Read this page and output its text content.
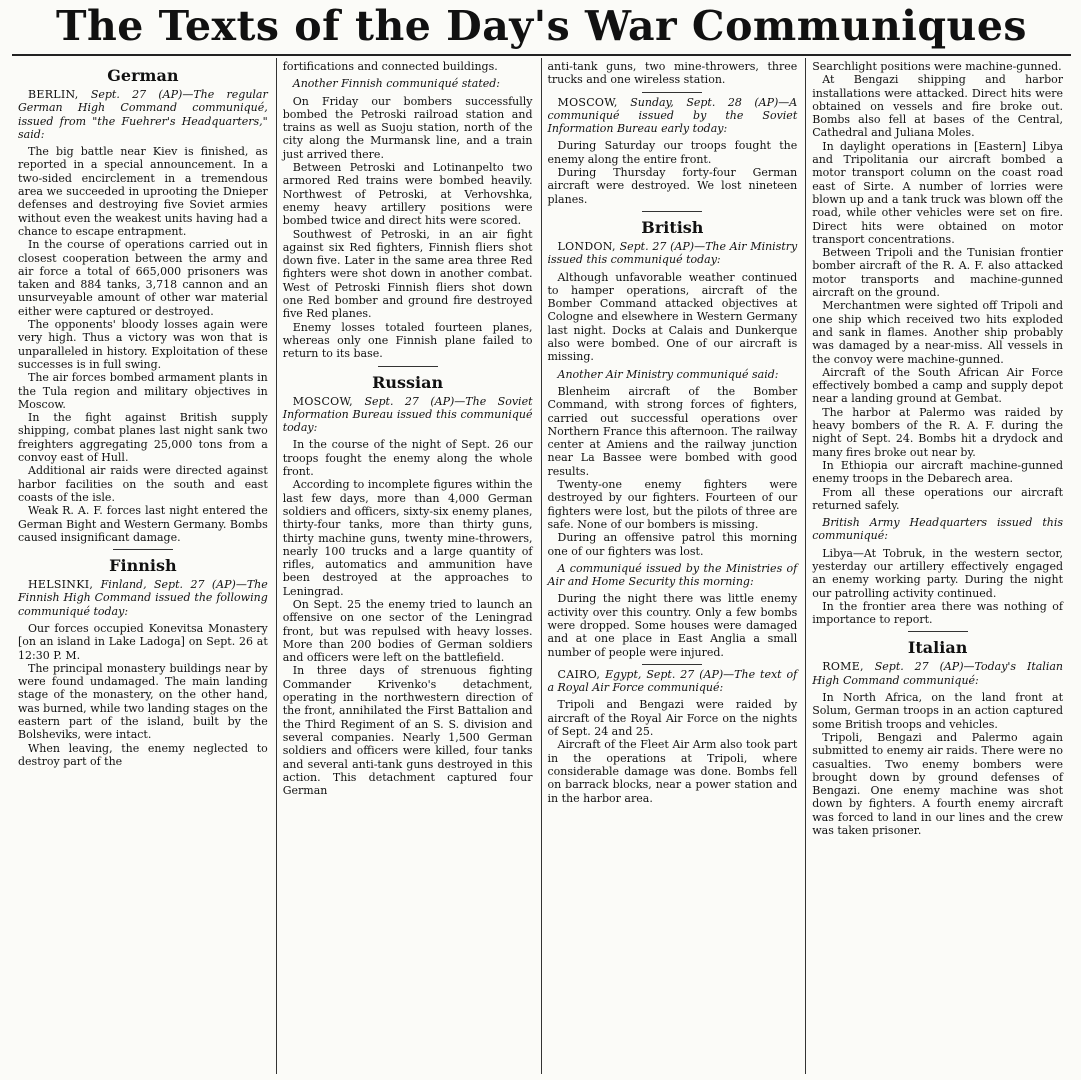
The Texts of the Day's War Communiques
German

BERLIN, Sept. 27 (AP)—The regular German High Command communiqué, issued from "the Fuehrer's Headquarters," said:

The big battle near Kiev is finished, as reported in a special announcement. In a two-sided encirclement in a tremendous area we succeeded in uprooting the Dnieper defenses and destroying five Soviet armies without even the weakest units having had a chance to escape entrapment.

In the course of operations carried out in closest cooperation between the army and air force a total of 665,000 prisoners was taken and 884 tanks, 3,718 cannon and an unsurveyable amount of other war material either were captured or destroyed.

The opponents' bloody losses again were very high. Thus a victory was won that is unparalleled in history. Exploitation of these successes is in full swing.

The air forces bombed armament plants in the Tula region and military objectives in Moscow.

In the fight against British supply shipping, combat planes last night sank two freighters aggregating 25,000 tons from a convoy east of Hull.

Additional air raids were directed against harbor facilities on the south and east coasts of the isle.

Weak R. A. F. forces last night entered the German Bight and Western Germany. Bombs caused insignificant damage.

Finnish

HELSINKI, Finland, Sept. 27 (AP)—The Finnish High Command issued the following communiqué today:

Our forces occupied Konevitsa Monastery [on an island in Lake Ladoga] on Sept. 26 at 12:30 P. M.

The principal monastery buildings near by were found undamaged. The main landing stage of the monastery, on the other hand, was burned, while two landing stages on the eastern part of the island, built by the Bolsheviks, were intact.

When leaving, the enemy neglected to destroy part of the

fortifications and connected buildings.

Another Finnish communiqué stated:

On Friday our bombers successfully bombed the Petroski railroad station and trains as well as Suoju station, north of the city along the Murmansk line, and a train just arrived there.

Between Petroski and Lotinanpelto two armored Red trains were bombed heavily. Northwest of Petroski, at Verhovshka, enemy heavy artillery positions were bombed twice and direct hits were scored.

Southwest of Petroski, in an air fight against six Red fighters, Finnish fliers shot down five. Later in the same area three Red fighters were shot down in another combat. West of Petroski Finnish fliers shot down one Red bomber and ground fire destroyed five Red planes.

Enemy losses totaled fourteen planes, whereas only one Finnish plane failed to return to its base.

Russian

MOSCOW, Sept. 27 (AP)—The Soviet Information Bureau issued this communiqué today:

In the course of the night of Sept. 26 our troops fought the enemy along the whole front.

According to incomplete figures within the last few days, more than 4,000 German soldiers and officers, sixty-six enemy planes, thirty-four tanks, more than thirty guns, thirty machine guns, twenty mine-throwers, nearly 100 trucks and a large quantity of rifles, automatics and ammunition have been destroyed at the approaches to Leningrad.

On Sept. 25 the enemy tried to launch an offensive on one sector of the Leningrad front, but was repulsed with heavy losses. More than 200 bodies of German soldiers and officers were left on the battlefield.

In three days of strenuous fighting Commander Krivenko's detachment, operating in the northwestern direction of the front, annihilated the First Battalion and the Third Regiment of an S. S. division and several companies. Nearly 1,500 German soldiers and officers were killed, four tanks and several anti-tank guns destroyed in this action. This detachment captured four German

anti-tank guns, two mine-throwers, three trucks and one wireless station.

MOSCOW, Sunday, Sept. 28 (AP)—A communiqué issued by the Soviet Information Bureau early today:

During Saturday our troops fought the enemy along the entire front.

During Thursday forty-four German aircraft were destroyed. We lost nineteen planes.

British

LONDON, Sept. 27 (AP)—The Air Ministry issued this communiqué today:

Although unfavorable weather continued to hamper operations, aircraft of the Bomber Command attacked objectives at Cologne and elsewhere in Western Germany last night. Docks at Calais and Dunkerque also were bombed. One of our aircraft is missing.

Another Air Ministry communiqué said:

Blenheim aircraft of the Bomber Command, with strong forces of fighters, carried out successful operations over Northern France this afternoon. The railway center at Amiens and the railway junction near La Bassee were bombed with good results.

Twenty-one enemy fighters were destroyed by our fighters. Fourteen of our fighters were lost, but the pilots of three are safe. None of our bombers is missing.

During an offensive patrol this morning one of our fighters was lost.

A communiqué issued by the Ministries of Air and Home Security this morning:

During the night there was little enemy activity over this country. Only a few bombs were dropped. Some houses were damaged and at one place in East Anglia a small number of people were injured.

CAIRO, Egypt, Sept. 27 (AP)—The text of a Royal Air Force communiqué:

Tripoli and Bengazi were raided by aircraft of the Royal Air Force on the nights of Sept. 24 and 25.

Aircraft of the Fleet Air Arm also took part in the operations at Tripoli, where considerable damage was done. Bombs fell on barrack blocks, near a power station and in the harbor area.

Searchlight positions were machine-gunned.

At Bengazi shipping and harbor installations were attacked. Direct hits were obtained on vessels and fire broke out. Bombs also fell at bases of the Central, Cathedral and Juliana Moles.

In daylight operations in [Eastern] Libya and Tripolitania our aircraft bombed a motor transport column on the coast road east of Sirte. A number of lorries were blown up and a tank truck was blown off the road, while other vehicles were set on fire. Direct hits were obtained on motor transport concentrations.

Between Tripoli and the Tunisian frontier bomber aircraft of the R. A. F. also attacked motor transports and machine-gunned aircraft on the ground.

Merchantmen were sighted off Tripoli and one ship which received two hits exploded and sank in flames. Another ship probably was damaged by a near-miss. All vessels in the convoy were machine-gunned.

Aircraft of the South African Air Force effectively bombed a camp and supply depot near a landing ground at Gembat.

The harbor at Palermo was raided by heavy bombers of the R. A. F. during the night of Sept. 24. Bombs hit a drydock and many fires broke out near by.

In Ethiopia our aircraft machine-gunned enemy troops in the Debarech area.

From all these operations our aircraft returned safely.

British Army Headquarters issued this communiqué:

Libya—At Tobruk, in the western sector, yesterday our artillery effectively engaged an enemy working party. During the night our patrolling activity continued.

In the frontier area there was nothing of importance to report.

Italian

ROME, Sept. 27 (AP)—Today's Italian High Command communiqué:

In North Africa, on the land front at Solum, German troops in an action captured some British troops and vehicles.

Tripoli, Bengazi and Palermo again submitted to enemy air raids. There were no casualties. Two enemy bombers were brought down by ground defenses of Bengazi. One enemy machine was shot down by fighters. A fourth enemy aircraft was forced to land in our lines and the crew was taken prisoner.
